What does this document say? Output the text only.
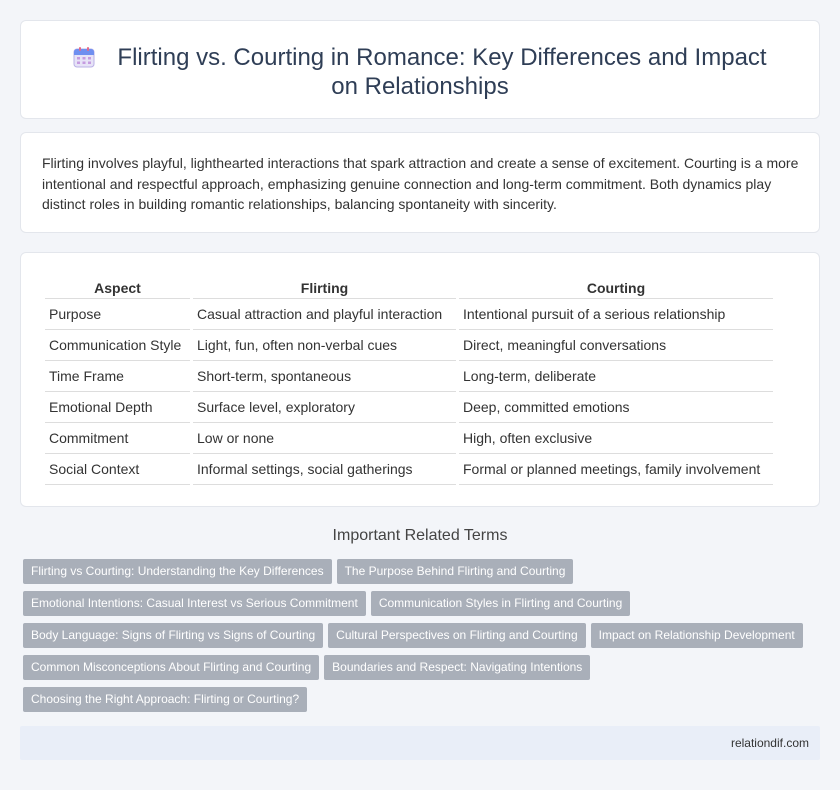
Flirting vs. Courting in Romance: Key Differences and Impact on Relationships

Flirting involves playful, lighthearted interactions that spark attraction and create a sense of excitement. Courting is a more intentional and respectful approach, emphasizing genuine connection and long-term commitment. Both dynamics play distinct roles in building romantic relationships, balancing spontaneity with sincerity.

Aspect	Flirting	Courting
Purpose	Casual attraction and playful interaction	Intentional pursuit of a serious relationship
Communication Style	Light, fun, often non-verbal cues	Direct, meaningful conversations
Time Frame	Short-term, spontaneous	Long-term, deliberate
Emotional Depth	Surface level, exploratory	Deep, committed emotions
Commitment	Low or none	High, often exclusive
Social Context	Informal settings, social gatherings	Formal or planned meetings, family involvement
Important Related Terms
Flirting vs Courting: Understanding the Key Differences The Purpose Behind Flirting and Courting
Emotional Intentions: Casual Interest vs Serious Commitment Communication Styles in Flirting and Courting
Body Language: Signs of Flirting vs Signs of Courting Cultural Perspectives on Flirting and Courting Impact on Relationship Development
Common Misconceptions About Flirting and Courting Boundaries and Respect: Navigating Intentions
Choosing the Right Approach: Flirting or Courting?
relationdif.com
